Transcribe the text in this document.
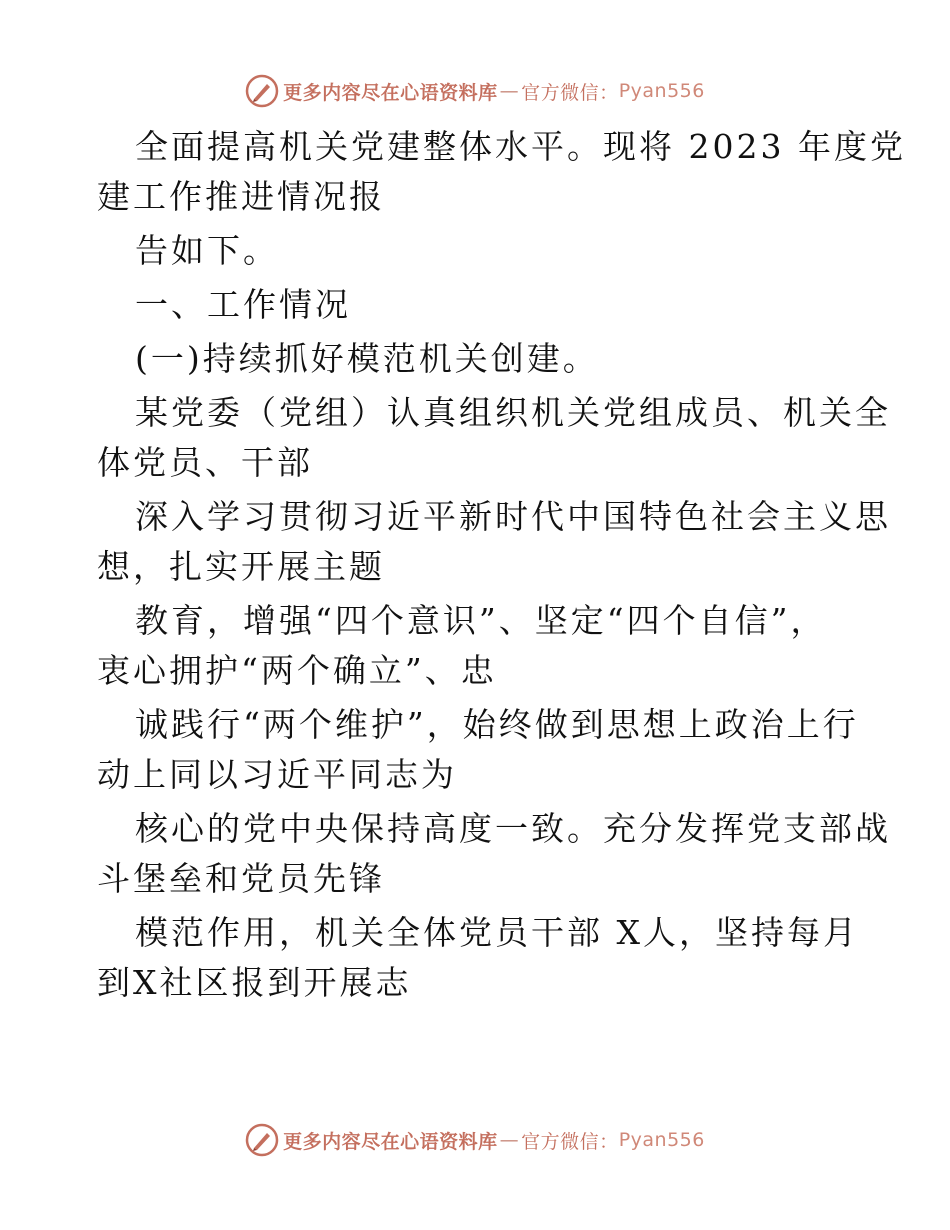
更多内容尽在心语资料库 — 官方微信： Pyan556
全面提高机关党建整体水平。现将 2023 年度党
建工作推进情况报
告如下。
一、工作情况
(一)持续抓好模范机关创建。
某党委（党组）认真组织机关党组成员、机关全
体党员、干部
深入学习贯彻习近平新时代中国特色社会主义思
想，扎实开展主题
教育，增强“四个意识”、坚定“四个自信”，
衷心拥护“两个确立”、忠
诚践行“两个维护”，始终做到思想上政治上行
动上同以习近平同志为
核心的党中央保持高度一致。充分发挥党支部战
斗堡垒和党员先锋
模范作用，机关全体党员干部 X人，坚持每月
到X社区报到开展志
更多内容尽在心语资料库 — 官方微信： Pyan556
